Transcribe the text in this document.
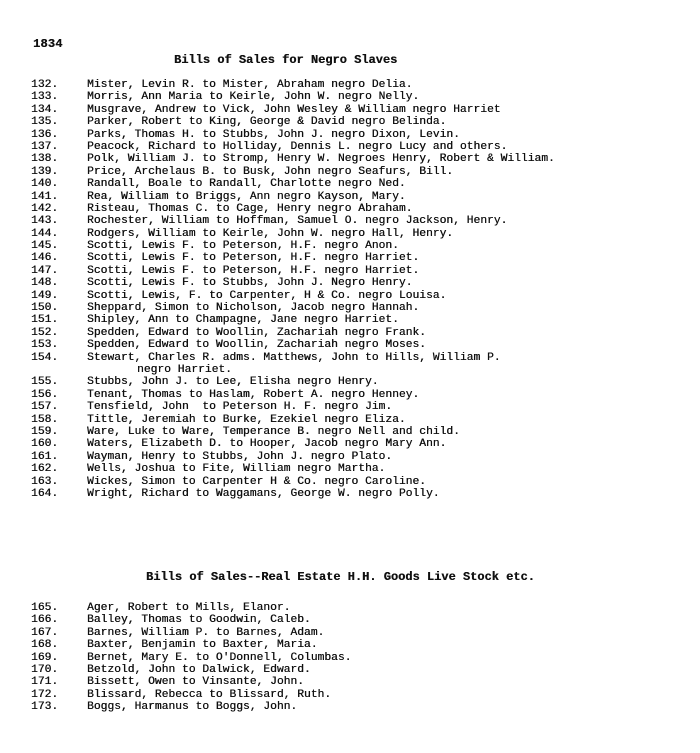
1834
Bills of Sales for Negro Slaves
132.	Mister, Levin R. to Mister, Abraham negro Delia.
133.	Morris, Ann Maria to Keirle, John W. negro Nelly.
134.	Musgrave, Andrew to Vick, John Wesley & William negro Harriet
135.	Parker, Robert to King, George & David negro Belinda.
136.	Parks, Thomas H. to Stubbs, John J. negro Dixon, Levin.
137.	Peacock, Richard to Holliday, Dennis L. negro Lucy and others.
138.	Polk, William J. to Stromp, Henry W. Negroes Henry, Robert & William.
139.	Price, Archelaus B. to Busk, John negro Seafurs, Bill.
140.	Randall, Boale to Randall, Charlotte negro Ned.
141.	Rea, William to Briggs, Ann negro Kayson, Mary.
142.	Risteau, Thomas C. to Cage, Henry negro Abraham.
143.	Rochester, William to Hoffman, Samuel O. negro Jackson, Henry.
144.	Rodgers, William to Keirle, John W. negro Hall, Henry.
145.	Scotti, Lewis F. to Peterson, H.F. negro Anon.
146.	Scotti, Lewis F. to Peterson, H.F. negro Harriet.
147.	Scotti, Lewis F. to Peterson, H.F. negro Harriet.
148.	Scotti, Lewis F. to Stubbs, John J. Negro Henry.
149.	Scotti, Lewis, F. to Carpenter, H & Co. negro Louisa.
150.	Sheppard, Simon to Nicholson, Jacob negro Hannah.
151.	Shipley, Ann to Champagne, Jane negro Harriet.
152.	Spedden, Edward to Woollin, Zachariah negro Frank.
153.	Spedden, Edward to Woollin, Zachariah negro Moses.
154.	Stewart, Charles R. adms. Matthews, John to Hills, William P.
negro Harriet.
155.	Stubbs, John J. to Lee, Elisha negro Henry.
156.	Tenant, Thomas to Haslam, Robert A. negro Henney.
157.	Tensfield, John  to Peterson H. F. negro Jim.
158.	Tittle, Jeremiah to Burke, Ezekiel negro Eliza.
159.	Ware, Luke to Ware, Temperance B. negro Nell and child.
160.	Waters, Elizabeth D. to Hooper, Jacob negro Mary Ann.
161.	Wayman, Henry to Stubbs, John J. negro Plato.
162.	Wells, Joshua to Fite, William negro Martha.
163.	Wickes, Simon to Carpenter H & Co. negro Caroline.
164.	Wright, Richard to Waggamans, George W. negro Polly.
Bills of Sales--Real Estate H.H. Goods Live Stock etc.
165.	Ager, Robert to Mills, Elanor.
166.	Balley, Thomas to Goodwin, Caleb.
167.	Barnes, William P. to Barnes, Adam.
168.	Baxter, Benjamin to Baxter, Maria.
169.	Bernet, Mary E. to O'Donnell, Columbas.
170.	Betzold, John to Dalwick, Edward.
171.	Bissett, Owen to Vinsante, John.
172.	Blissard, Rebecca to Blissard, Ruth.
173.	Boggs, Harmanus to Boggs, John.
